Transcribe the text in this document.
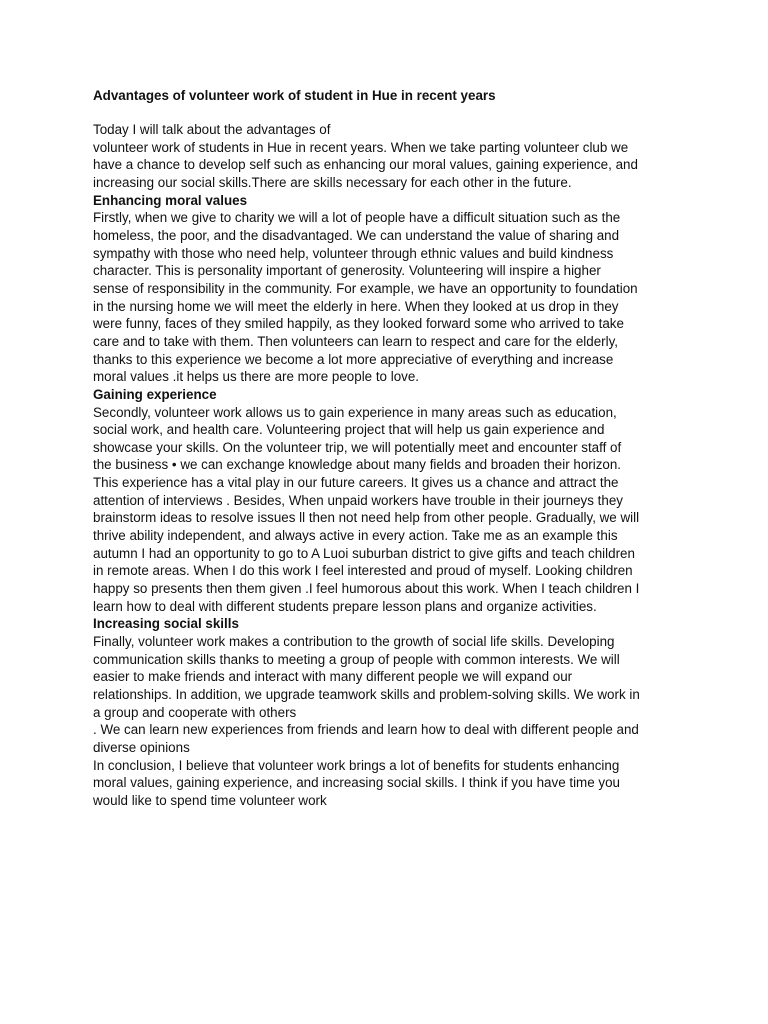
Advantages of volunteer work of student in Hue in recent years
Today I will talk about the advantages of
volunteer work of students in Hue in recent years. When we take parting volunteer club we
have a chance to develop self such as enhancing our moral values, gaining experience, and
increasing our social skills.There are skills necessary for each other in the future.
Enhancing moral values
Firstly, when we give to charity we will a lot of people have a difficult situation such as the
homeless, the poor, and the disadvantaged. We can understand the value of sharing and
sympathy with those who need help, volunteer through ethnic values and build kindness
character. This is personality important of generosity. Volunteering will inspire a higher
sense of responsibility in the community. For example, we have an opportunity to foundation
in the nursing home we will meet the elderly in here. When they looked at us drop in they
were funny, faces of they smiled happily, as they looked forward some who arrived to take
care and to take with them. Then volunteers can learn to respect and care for the elderly,
thanks to this experience we become a lot more appreciative of everything and increase
moral values .it helps us there are more people to love.
Gaining experience
Secondly, volunteer work allows us to gain experience in many areas such as education,
social work, and health care. Volunteering project that will help us gain experience and
showcase your skills. On the volunteer trip, we will potentially meet and encounter staff of
the business • we can exchange knowledge about many fields and broaden their horizon.
This experience has a vital play in our future careers. It gives us a chance and attract the
attention of interviews . Besides, When unpaid workers have trouble in their journeys they
brainstorm ideas to resolve issues ll then not need help from other people. Gradually, we will
thrive ability independent, and always active in every action. Take me as an example this
autumn I had an opportunity to go to A Luoi suburban district to give gifts and teach children
in remote areas. When I do this work I feel interested and proud of myself. Looking children
happy so presents then them given .I feel humorous about this work. When I teach children I
learn how to deal with different students prepare lesson plans and organize activities.
Increasing social skills
Finally, volunteer work makes a contribution to the growth of social life skills. Developing
communication skills thanks to meeting a group of people with common interests. We will
easier to make friends and interact with many different people we will expand our
relationships. In addition, we upgrade teamwork skills and problem-solving skills. We work in
a group and cooperate with others
. We can learn new experiences from friends and learn how to deal with different people and
diverse opinions
In conclusion, I believe that volunteer work brings a lot of benefits for students enhancing
moral values, gaining experience, and increasing social skills. I think if you have time you
would like to spend time volunteer work
